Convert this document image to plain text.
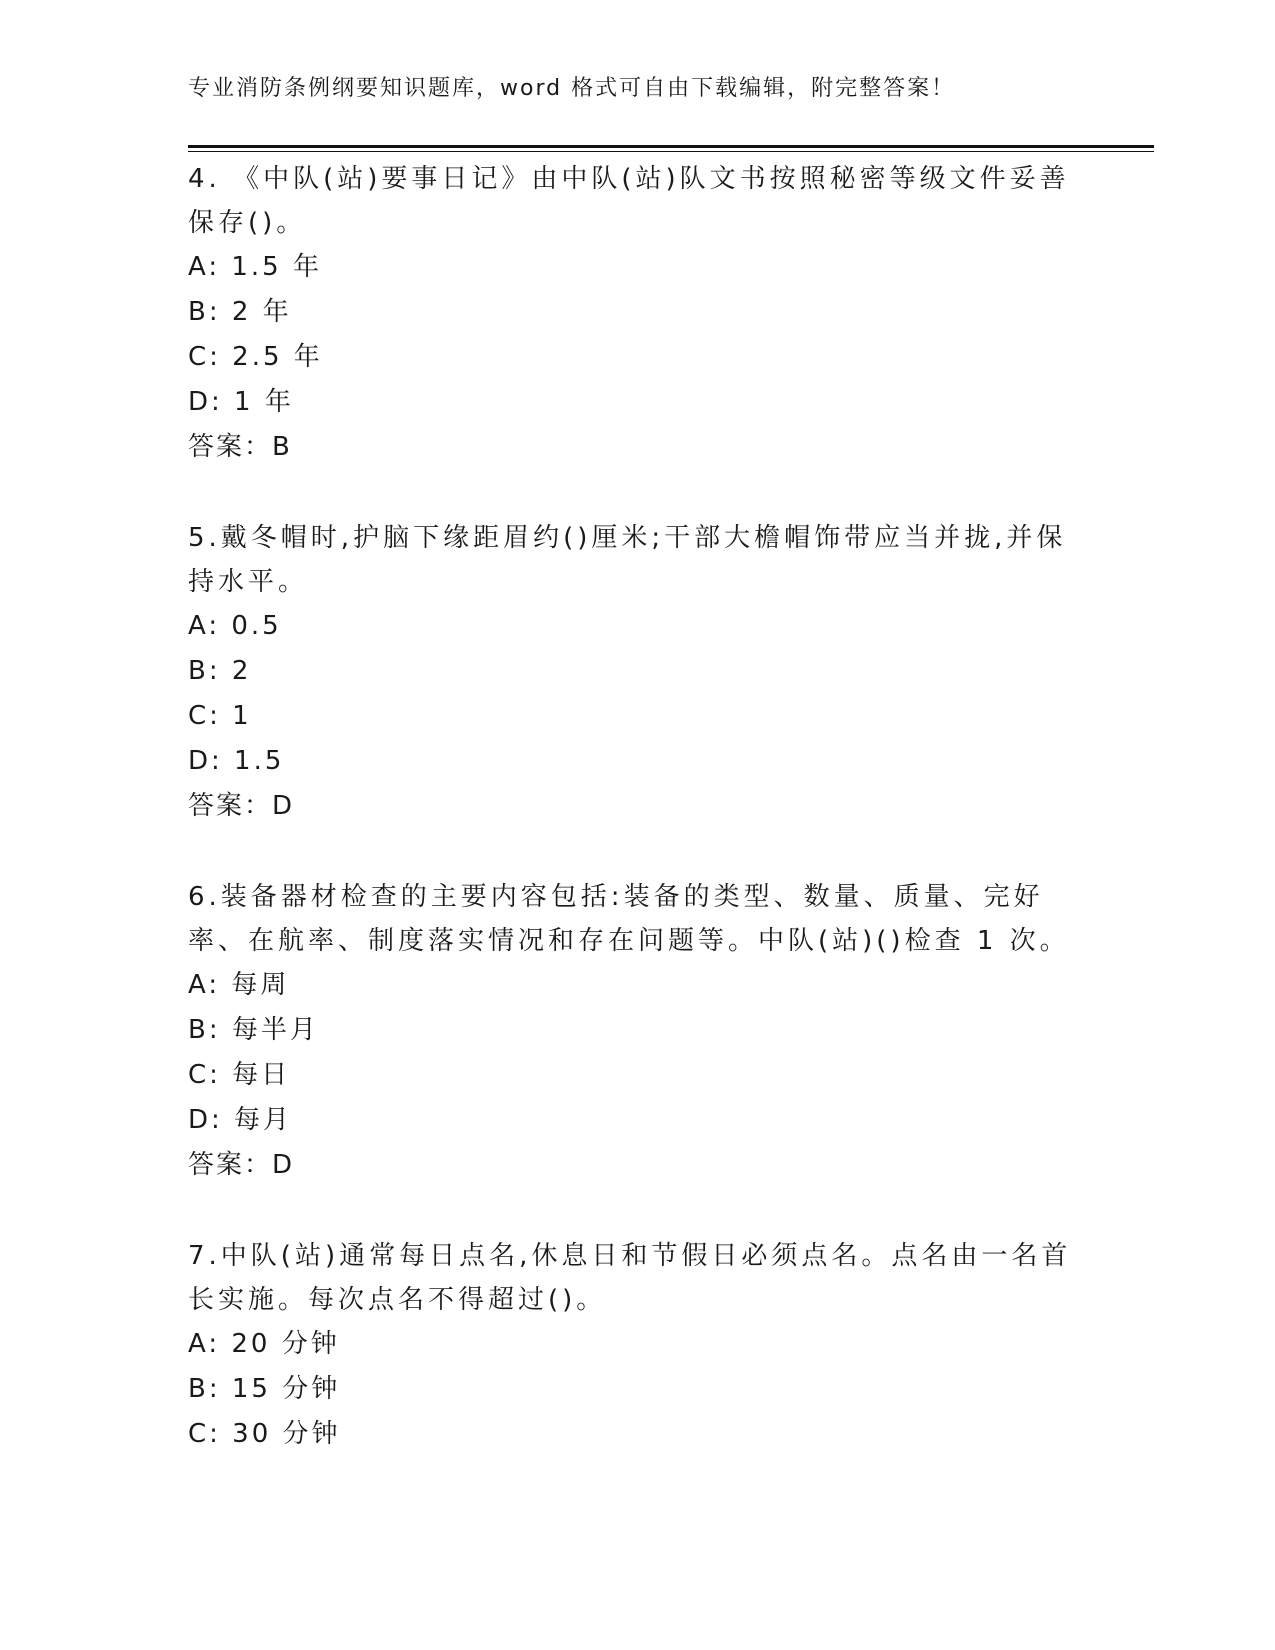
专业消防条例纲要知识题库，word 格式可自由下载编辑，附完整答案！

4. 《中队(站)要事日记》由中队(站)队文书按照秘密等级文件妥善保存()。

A: 1.5 年

B: 2 年

C: 2.5 年

D: 1 年

答案：B

5.戴冬帽时,护脑下缘距眉约()厘米;干部大檐帽饰带应当并拢,并保持水平。

A: 0.5

B: 2

C: 1

D: 1.5

答案：D

6.装备器材检查的主要内容包括:装备的类型、数量、质量、完好率、在航率、制度落实情况和存在问题等。中队(站)()检查 1 次。

A: 每周

B: 每半月

C: 每日

D: 每月

答案：D

7.中队(站)通常每日点名,休息日和节假日必须点名。点名由一名首长实施。每次点名不得超过()。

A: 20 分钟

B: 15 分钟

C: 30 分钟
